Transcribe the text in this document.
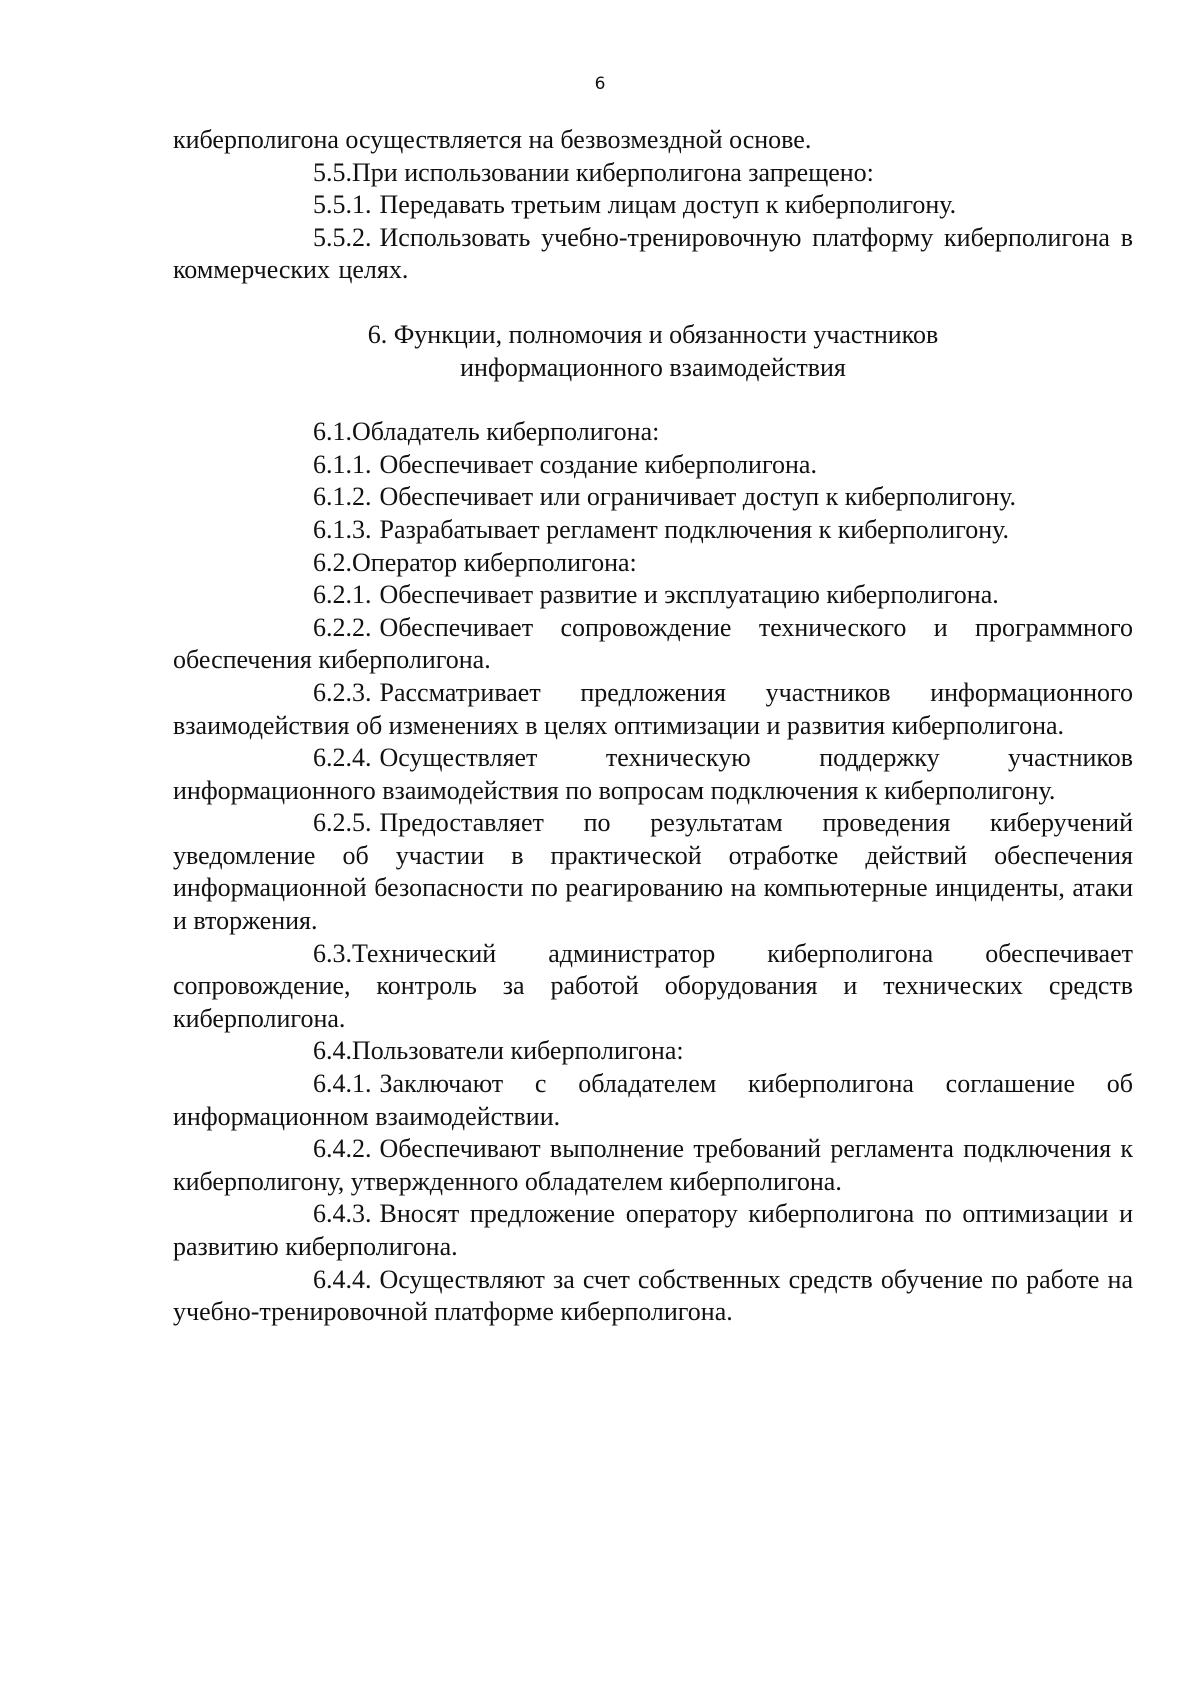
6

киберполигона осуществляется на безвозмездной основе.

5.5.При использовании киберполигона запрещено:

5.5.1. Передавать третьим лицам доступ к киберполигону.

5.5.2. Использовать учебно-тренировочную платформу киберполигона в коммерческих целях.

6. Функции, полномочия и обязанности участников
информационного взаимодействия

6.1.Обладатель киберполигона:

6.1.1. Обеспечивает создание киберполигона.

6.1.2. Обеспечивает или ограничивает доступ к киберполигону.

6.1.3. Разрабатывает регламент подключения к киберполигону.

6.2.Оператор киберполигона:

6.2.1. Обеспечивает развитие и эксплуатацию киберполигона.

6.2.2. Обеспечивает сопровождение технического и программного обеспечения киберполигона.

6.2.3. Рассматривает предложения участников информационного взаимодействия об изменениях в целях оптимизации и развития киберполигона.

6.2.4. Осуществляет техническую поддержку участников информационного взаимодействия по вопросам подключения к киберполигону.

6.2.5. Предоставляет по результатам проведения киберучений уведомление об участии в практической отработке действий обеспечения информационной безопасности по реагированию на компьютерные инциденты, атаки и вторжения.

6.3.Технический администратор киберполигона обеспечивает сопровождение, контроль за работой оборудования и технических средств киберполигона.

6.4.Пользователи киберполигона:

6.4.1. Заключают с обладателем киберполигона соглашение об информационном взаимодействии.

6.4.2. Обеспечивают выполнение требований регламента подключения к киберполигону, утвержденного обладателем киберполигона.

6.4.3. Вносят предложение оператору киберполигона по оптимизации и развитию киберполигона.

6.4.4. Осуществляют за счет собственных средств обучение по работе на учебно-тренировочной платформе киберполигона.
